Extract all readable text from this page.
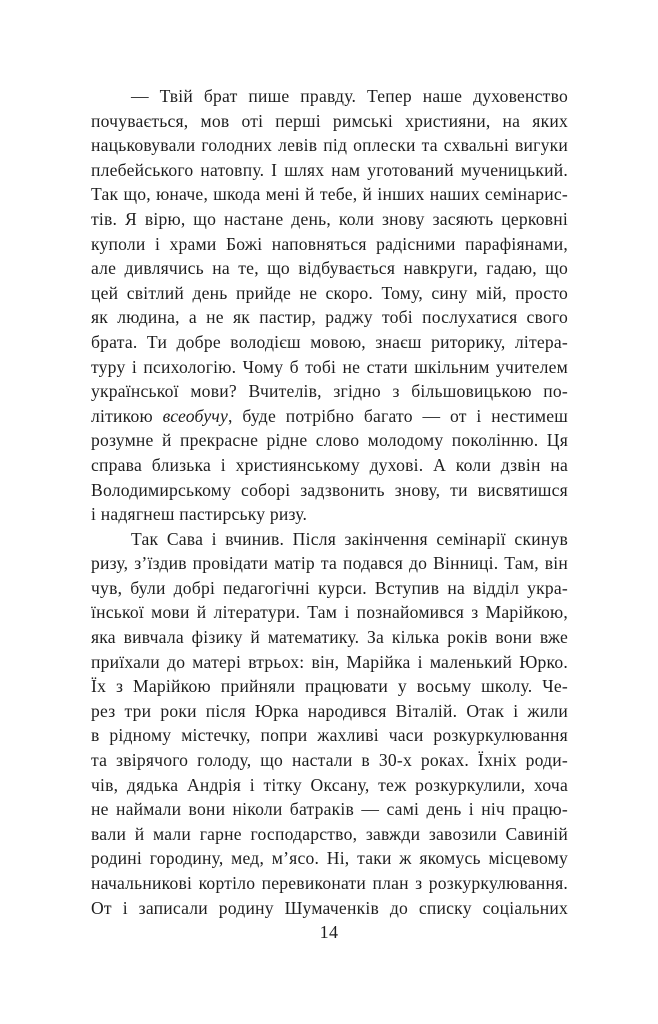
— Твій брат пише правду. Тепер наше духовенство
почувається, мов оті перші римські християни, на яких
нацьковували голодних левів під оплески та схвальні вигуки
плебейського натовпу. І шлях нам уготований мученицький.
Так що, юначе, шкода мені й тебе, й інших наших семінарис-
тів. Я вірю, що настане день, коли знову засяють церковні
куполи і храми Божі наповняться радісними парафіянами,
але дивлячись на те, що відбувається навкруги, гадаю, що
цей світлий день прийде не скоро. Тому, сину мій, просто
як людина, а не як пастир, раджу тобі послухатися свого
брата. Ти добре володієш мовою, знаєш риторику, літера-
туру і психологію. Чому б тобі не стати шкільним учителем
української мови? Вчителів, згідно з більшовицькою по-
літикою всеобучу, буде потрібно багато — от і нестимеш
розумне й прекрасне рідне слово молодому поколінню. Ця
справа близька і християнському духові. А коли дзвін на
Володимирському соборі задзвонить знову, ти висвятишся
і надягнеш пастирську ризу.
Так Сава і вчинив. Після закінчення семінарії скинув
ризу, з’їздив провідати матір та подався до Вінниці. Там, він
чув, були добрі педагогічні курси. Вступив на відділ укра-
їнської мови й літератури. Там і познайомився з Марійкою,
яка вивчала фізику й математику. За кілька років вони вже
приїхали до матері втрьох: він, Марійка і маленький Юрко.
Їх з Марійкою прийняли працювати у восьму школу. Че-
рез три роки після Юрка народився Віталій. Отак і жили
в рідному містечку, попри жахливі часи розкуркулювання
та звірячого голоду, що настали в 30-х роках. Їхніх роди-
чів, дядька Андрія і тітку Оксану, теж розкуркулили, хоча
не наймали вони ніколи батраків — самі день і ніч працю-
вали й мали гарне господарство, завжди завозили Савиній
родині городину, мед, м’ясо. Ні, таки ж якомусь місцевому
начальникові кортіло перевиконати план з розкуркулювання.
От і записали родину Шумаченків до списку соціальних
14
